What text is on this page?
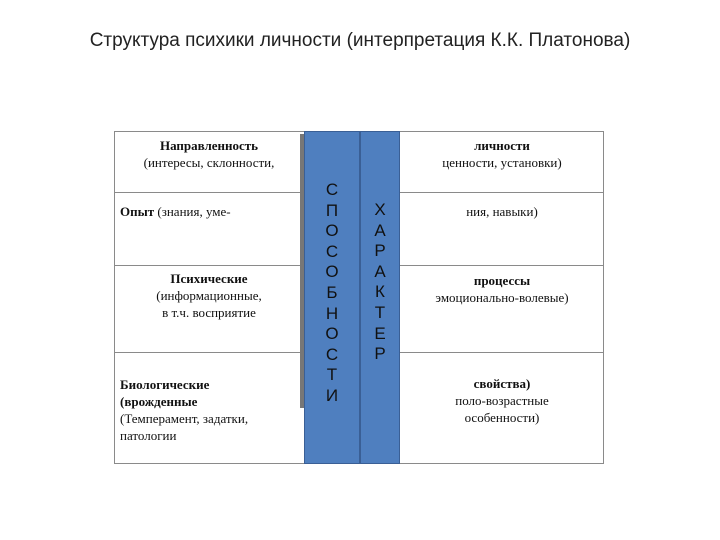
Структура психики личности (интерпретация К.К. Платонова)
Направленность
(интересы, склонности,
Опыт (знания, уме-
Психические
(информационные,
в т.ч. восприятие
Биологические
(врожденные
(Темперамент, задатки,
патологии
личности
ценности, установки)
ния, навыки)
процессы
эмоционально-волевые)
свойства)
поло-возрастные
особенности)
С
П
О
С
О
Б
Н
О
С
Т
И
Х
А
Р
А
К
Т
Е
Р
